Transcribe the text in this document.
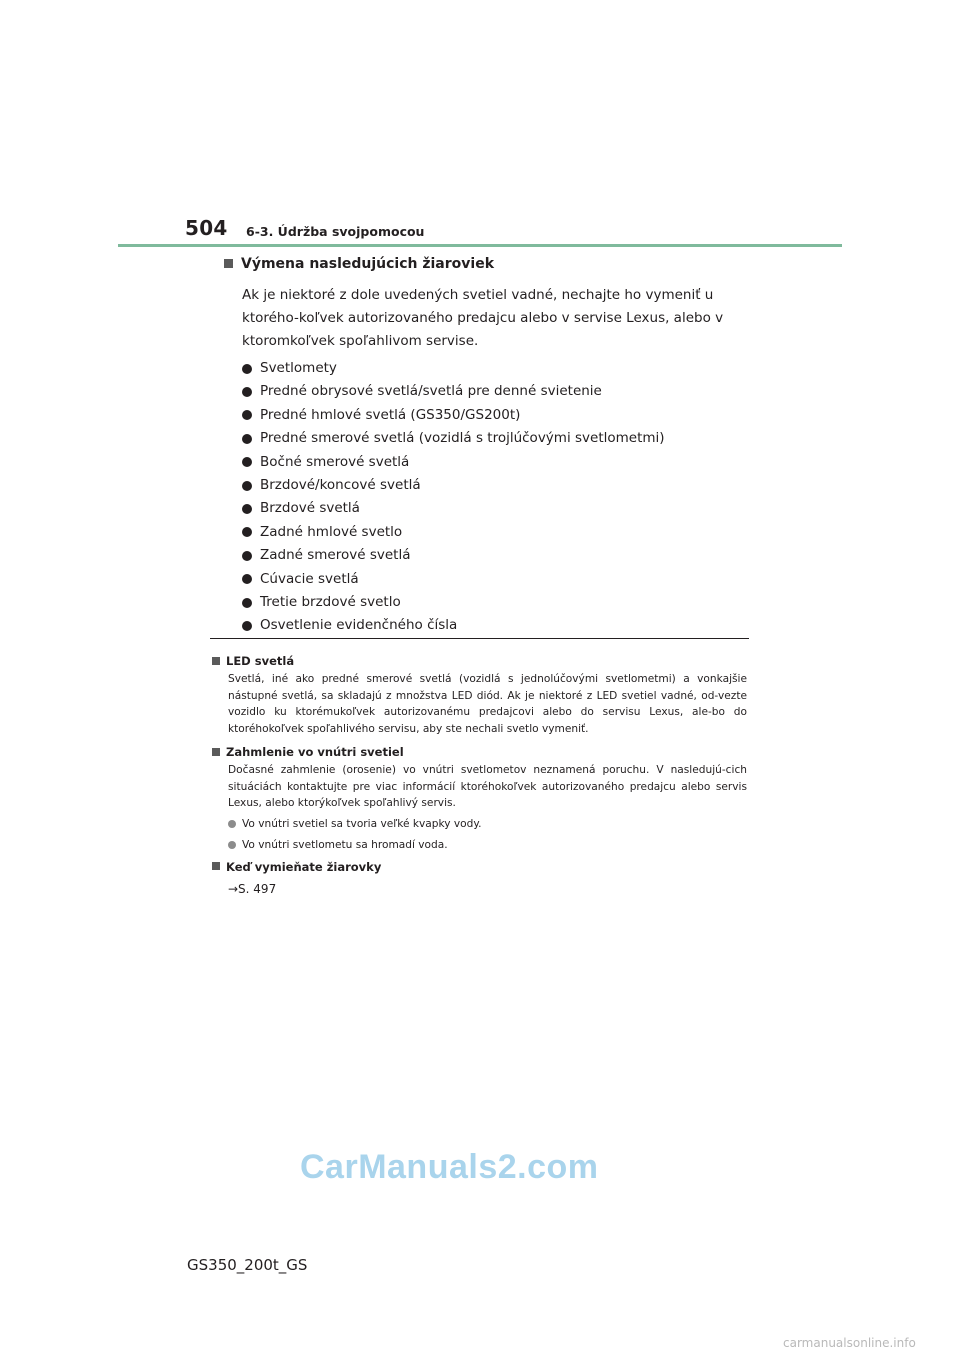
504 6-3. Údržba svojpomocou
Výmena nasledujúcich žiaroviek
Ak je niektoré z dole uvedených svetiel vadné, nechajte ho vymeniť u ktorého-koľvek autorizovaného predajcu alebo v servise Lexus, alebo v ktoromkoľvek spoľahlivom servise.
Svetlomety
Predné obrysové svetlá/svetlá pre denné svietenie
Predné hmlové svetlá (GS350/GS200t)
Predné smerové svetlá (vozidlá s trojlúčovými svetlometmi)
Bočné smerové svetlá
Brzdové/koncové svetlá
Brzdové svetlá
Zadné hmlové svetlo
Zadné smerové svetlá
Cúvacie svetlá
Tretie brzdové svetlo
Osvetlenie evidenčného čísla
LED svetlá
Svetlá, iné ako predné smerové svetlá (vozidlá s jednolúčovými svetlometmi) a vonkajšie nástupné svetlá, sa skladajú z množstva LED diód. Ak je niektoré z LED svetiel vadné, od-vezte vozidlo ku ktorémukoľvek autorizovanému predajcovi alebo do servisu Lexus, ale-bo do ktoréhokoľvek spoľahlivého servisu, aby ste nechali svetlo vymeniť.
Zahmlenie vo vnútri svetiel
Dočasné zahmlenie (orosenie) vo vnútri svetlometov neznamená poruchu. V nasledujú-cich situáciách kontaktujte pre viac informácií ktoréhokoľvek autorizovaného predajcu alebo servis Lexus, alebo ktorýkoľvek spoľahlivý servis.
Vo vnútri svetiel sa tvoria veľké kvapky vody.
Vo vnútri svetlometu sa hromadí voda.
Keď vymieňate žiarovky
→S. 497
CarManuals2.com
GS350_200t_GS
carmanualsonline.info
